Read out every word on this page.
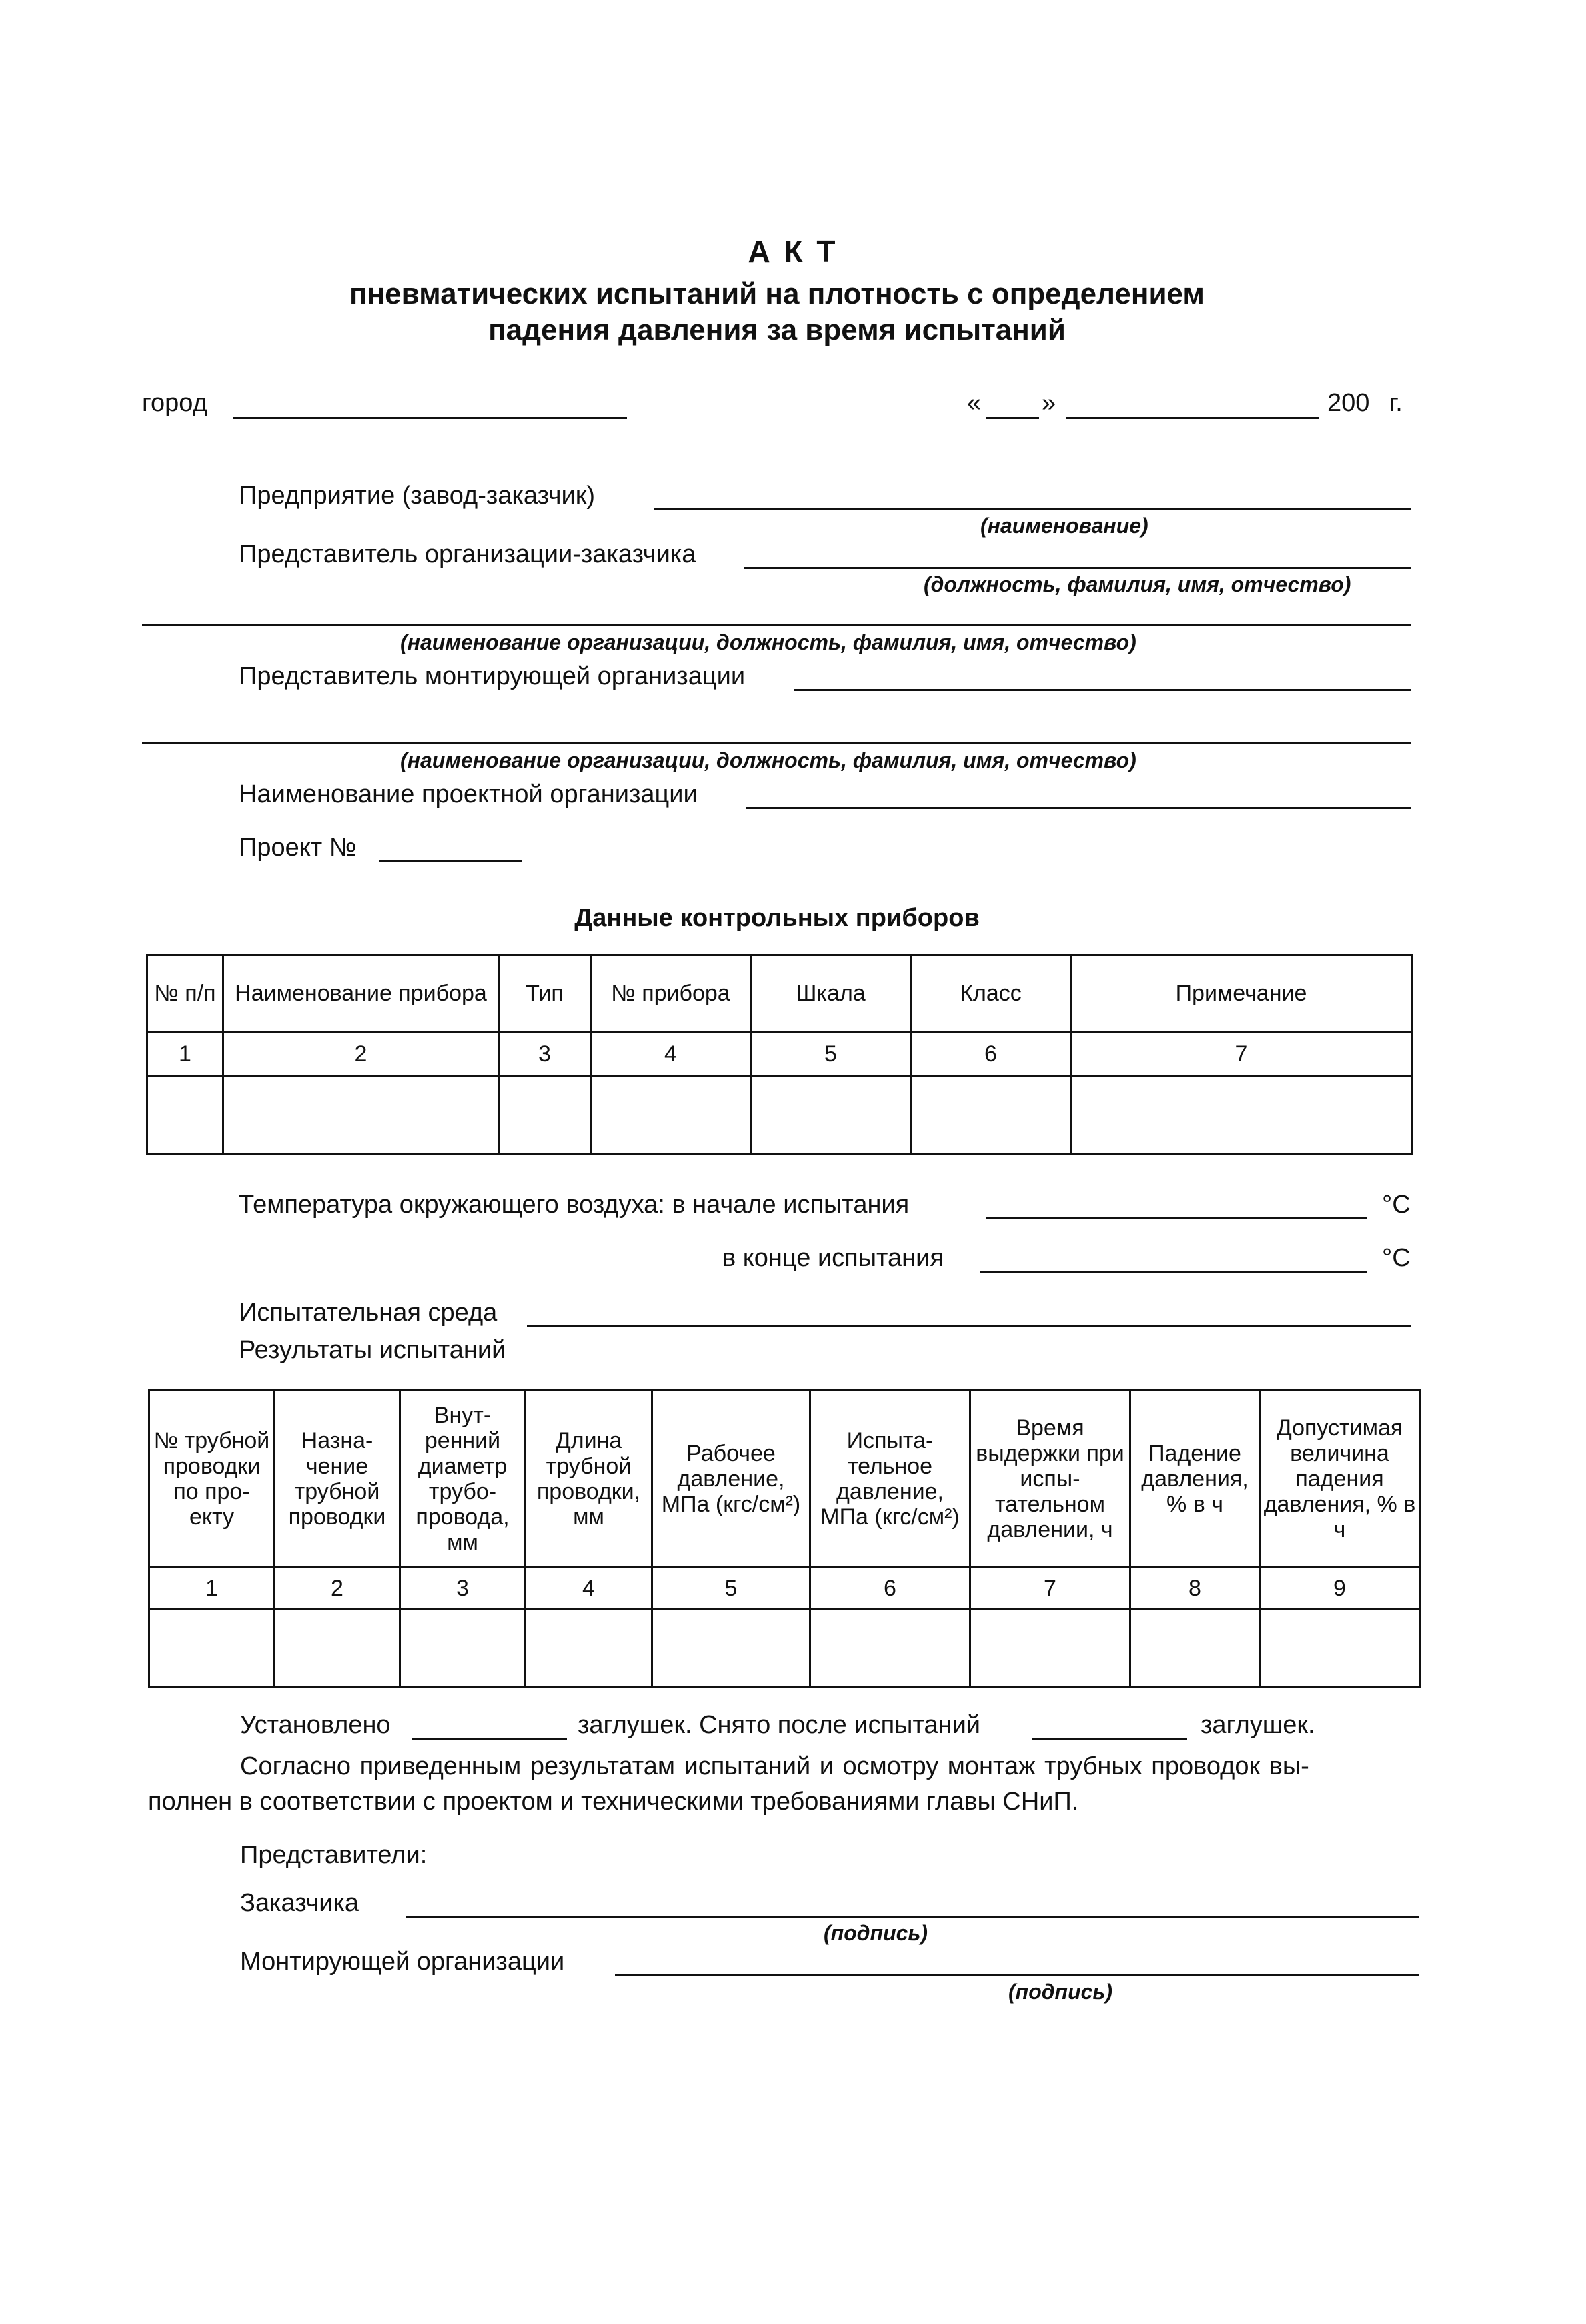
А К Т
пневматических испытаний на плотность с определением
падения давления за время испытаний
город	« »	200 г.
Предприятие (завод-заказчик)
(наименование)
Представитель организации-заказчика
(должность, фамилия, имя, отчество)
(наименование организации, должность, фамилия, имя, отчество)
Представитель монтирующей организации
(наименование организации, должность, фамилия, имя, отчество)
Наименование проектной организации
Проект №
Данные контрольных приборов
№ п/п	Наименование прибора	Тип	№ прибора	Шкала	Класс	Примечание
1	2	3	4	5	6	7

Температура окружающего воздуха: в начале испытания	°С
в конце испытания	°С
Испытательная среда
Результаты испытаний
№ трубной проводки по про-екту	Назна-чение трубной проводки	Внут-ренний диаметр трубо-провода, мм	Длина трубной проводки, мм	Рабочее давление, МПа (кгс/см²)	Испыта-тельное давление, МПа (кгс/см²)	Время выдержки при испы-тательном давлении, ч	Падение давления, % в ч	Допустимая величина падения давления, % в ч
1	2	3	4	5	6	7	8	9

Установлено	заглушек. Снято после испытаний	заглушек.
Согласно приведенным результатам испытаний и осмотру монтаж трубных проводок вы-
полнен в соответствии с проектом и техническими требованиями главы СНиП.
Представители:
Заказчика
(подпись)
Монтирующей организации
(подпись)
